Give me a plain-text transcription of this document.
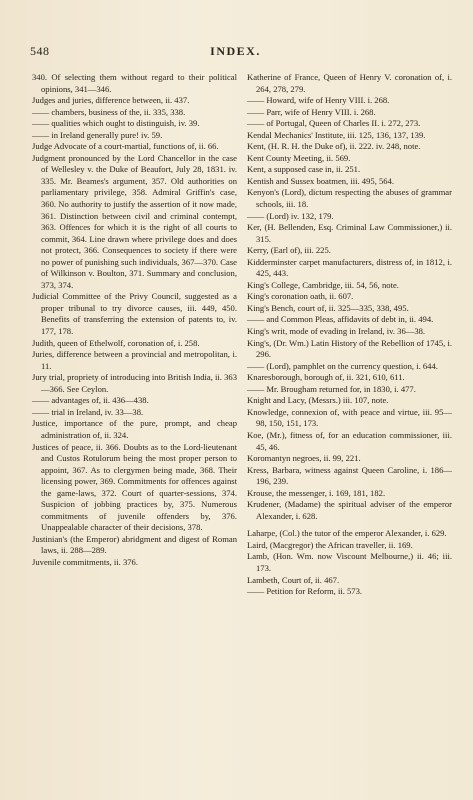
548	INDEX.

340. Of selecting them without regard to their political opinions, 341—346.

Judges and juries, difference between, ii. 437.

—— chambers, business of the, ii. 335, 338.

—— qualities which ought to distinguish, iv. 39.

—— in Ireland generally pure! iv. 59.

Judge Advocate of a court-martial, functions of, ii. 66.

Judgment pronounced by the Lord Chancellor in the case of Wellesley v. the Duke of Beaufort, July 28, 1831. iv. 335. Mr. Beames's argument, 357. Old authorities on parliamentary privilege, 358. Admiral Griffin's case, 360. No authority to justify the assertion of it now made, 361. Distinction between civil and criminal contempt, 363. Offences for which it is the right of all courts to commit, 364. Line drawn where privilege does and does not protect, 366. Consequences to society if there were no power of punishing such individuals, 367—370. Case of Wilkinson v. Boulton, 371. Summary and conclusion, 373, 374.

Judicial Committee of the Privy Council, suggested as a proper tribunal to try divorce causes, iii. 449, 450. Benefits of transferring the extension of patents to, iv. 177, 178.

Judith, queen of Ethelwolf, coronation of, i. 258.

Juries, difference between a provincial and metropolitan, i. 11.

Jury trial, propriety of introducing into British India, ii. 363—366. See Ceylon.

—— advantages of, ii. 436—438.

—— trial in Ireland, iv. 33—38.

Justice, importance of the pure, prompt, and cheap administration of, ii. 324.

Justices of peace, ii. 366. Doubts as to the Lord-lieutenant and Custos Rotulorum being the most proper person to appoint, 367. As to clergymen being made, 368. Their licensing power, 369. Commitments for offences against the game-laws, 372. Court of quarter-sessions, 374. Suspicion of jobbing practices by, 375. Numerous commitments of juvenile offenders by, 376. Unappealable character of their decisions, 378.

Justinian's (the Emperor) abridgment and digest of Roman laws, ii. 288—289.

Juvenile commitments, ii. 376.

Katherine of France, Queen of Henry V. coronation of, i. 264, 278, 279.

—— Howard, wife of Henry VIII. i. 268.

—— Parr, wife of Henry VIII. i. 268.

—— of Portugal, Queen of Charles II. i. 272, 273.

Kendal Mechanics' Institute, iii. 125, 136, 137, 139.

Kent, (H. R. H. the Duke of), ii. 222. iv. 248, note.

Kent County Meeting, ii. 569.

Kent, a supposed case in, ii. 251.

Kentish and Sussex boatmen, iii. 495, 564.

Kenyon's (Lord), dictum respecting the abuses of grammar schools, iii. 18.

—— (Lord) iv. 132, 179.

Ker, (H. Bellenden, Esq. Criminal Law Commissioner,) ii. 315.

Kerry, (Earl of), iii. 225.

Kidderminster carpet manufacturers, distress of, in 1812, i. 425, 443.

King's College, Cambridge, iii. 54, 56, note.

King's coronation oath, ii. 607.

King's Bench, court of, ii. 325—335, 338, 495.

—— and Common Pleas, affidavits of debt in, ii. 494.

King's writ, mode of evading in Ireland, iv. 36—38.

King's, (Dr. Wm.) Latin History of the Rebellion of 1745, i. 296.

—— (Lord), pamphlet on the currency question, i. 644.

Knaresborough, borough of, ii. 321, 610, 611.

—— Mr. Brougham returned for, in 1830, i. 477.

Knight and Lacy, (Messrs.) iii. 107, note.

Knowledge, connexion of, with peace and virtue, iii. 95—98, 150, 151, 173.

Koe, (Mr.), fitness of, for an education commissioner, iii. 45, 46.

Koromantyn negroes, ii. 99, 221.

Kress, Barbara, witness against Queen Caroline, i. 186—196, 239.

Krouse, the messenger, i. 169, 181, 182.

Krudener, (Madame) the spiritual adviser of the emperor Alexander, i. 628.

Laharpe, (Col.) the tutor of the emperor Alexander, i. 629.

Laird, (Macgregor) the African traveller, ii. 169.

Lamb, (Hon. Wm. now Viscount Melbourne,) ii. 46; iii. 173.

Lambeth, Court of, ii. 467.

—— Petition for Reform, ii. 573.
